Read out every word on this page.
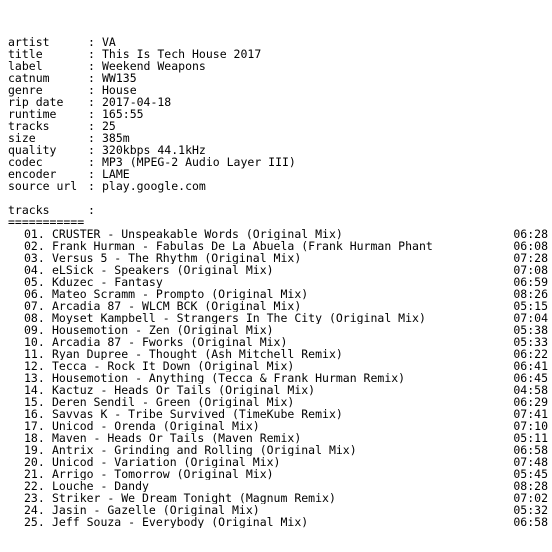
artist	: VA
title	: This Is Tech House 2017
label	: Weekend Weapons
catnum	: WW135
genre	: House
rip date : 2017-04-18
runtime	: 165:55
tracks	: 25
size	: 385m
quality	: 320kbps 44.1kHz
codec	: MP3 (MPEG-2 Audio Layer III)
encoder	: LAME
source url : play.google.com
tracks	:
===========
01. CRUSTER - Unspeakable Words (Original Mix)	06:28
02. Frank Hurman - Fabulas De La Abuela (Frank Hurman Phant	06:08
03. Versus 5 - The Rhythm (Original Mix)	07:28
04. eLSick - Speakers (Original Mix)	07:08
05. Kduzec - Fantasy	06:59
06. Mateo Scramm - Prompto (Original Mix)	08:26
07. Arcadia 87 - WLCM BCK (Original Mix)	05:15
08. Moyset Kampbell - Strangers In The City (Original Mix)	07:04
09. Housemotion - Zen (Original Mix)	05:38
10. Arcadia 87 - Fworks (Original Mix)	05:33
11. Ryan Dupree - Thought (Ash Mitchell Remix)	06:22
12. Tecca - Rock It Down (Original Mix)	06:41
13. Housemotion - Anything (Tecca & Frank Hurman Remix)	06:45
14. Kactuz - Heads Or Tails (Original Mix)	04:58
15. Deren Sendil - Green (Original Mix)	06:29
16. Savvas K - Tribe Survived (TimeKube Remix)	07:41
17. Unicod - Orenda (Original Mix)	07:10
18. Maven - Heads Or Tails (Maven Remix)	05:11
19. Antrix - Grinding and Rolling (Original Mix)	06:58
20. Unicod - Variation (Original Mix)	07:48
21. Arrigo - Tomorrow (Original Mix)	05:45
22. Louche - Dandy	08:28
23. Striker - We Dream Tonight (Magnum Remix)	07:02
24. Jasin - Gazelle (Original Mix)	05:32
25. Jeff Souza - Everybody (Original Mix)	06:58
